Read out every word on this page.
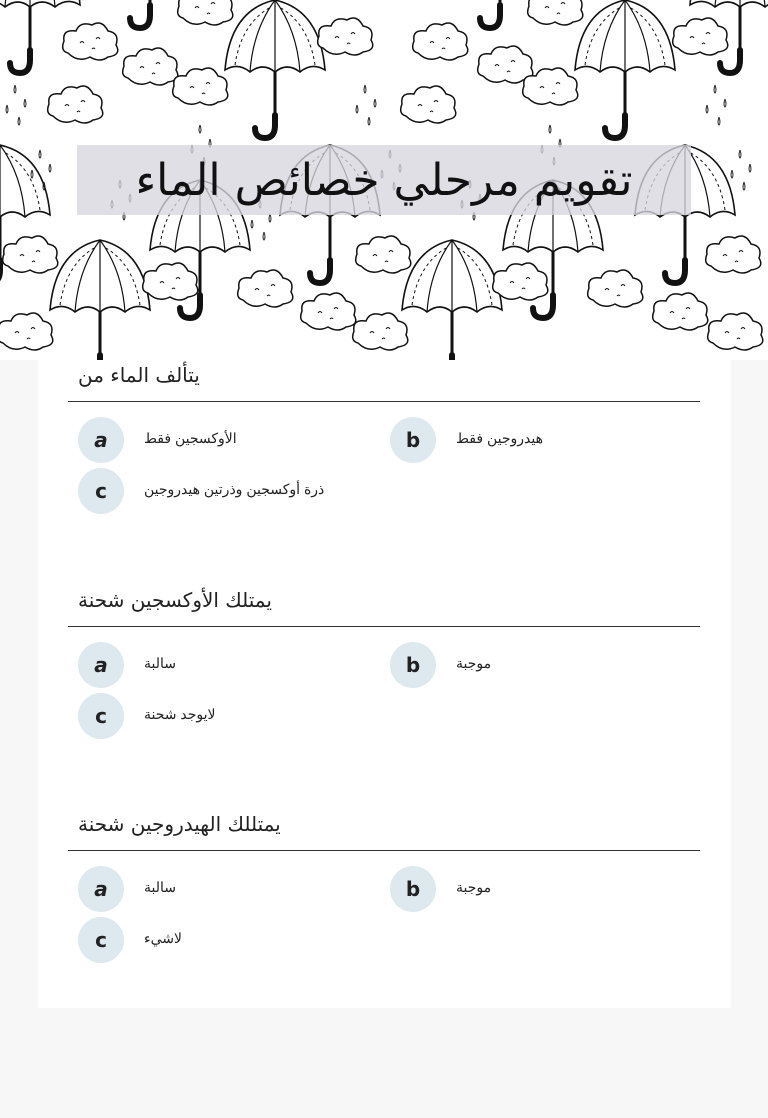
تقويم مرحلي خصائص الماء
يتألف الماء من
a	الأوكسجين فقط	b	هيدروجين فقط
c	ذرة أوكسجين وذرتين هيدروجين
يمتلك الأوكسجين شحنة
a	سالبة	b	موجبة
c	لايوجد شحنة
يمتللك الهيدروجين شحنة
a	سالبة	b	موجبة
c	لاشيء
